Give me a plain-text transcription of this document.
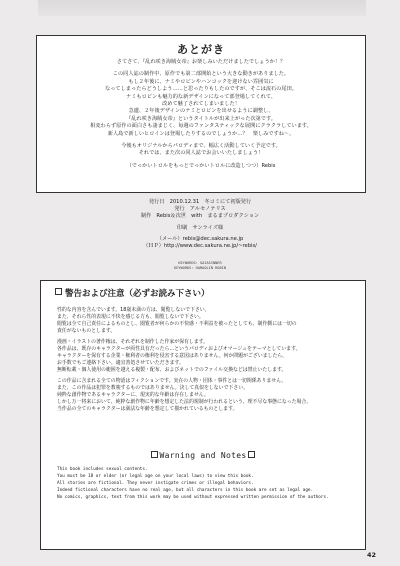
あとがき

さてさて、『乱れ咲き海賊女帝』お楽しみいただけましたでしょうか！？

この同人誌の制作中、原作でも第二部開始という大きな動きがありました。

もし２年後に、ナミやロビンやハンコックを迎けない雰囲気に

なってしまったらどうしよう……と思ったりもしたのですが、そこは流石の尾田。

ナミもロビンも魅力的な新デザインになって部登場してくれて、

改めて魅了されてしまいました！

急遽、２年後デザインのナミとロビンを出せるように調整し、

『乱れ咲き海賊女帝』というタイトルが出来上がった次第です。

相変わらず原作の面白さも凄まじく、毎週のファンタスティックな展開にクラクラしています。

新人島で新しいヒロインは登場したりするのでしょうか…？　楽しみですね～。

今後もオリジナルからパロディまで、幅広く活動していく予定です。

それでは、また次の同人誌でお会いいたしましょう！

（でっかいトロルをもっとでっかいトロルに改造しつつ）Rebis

発行日　2010.12.31　冬コミにて初版発行
発行　アルセノテリス
制作　Rebis＆次世　with　まるまプロダクション
印刷　サンライズ様
（メール）rebis@dec.sakura.ne.jp
（ＨＰ）http://www.dec.sakura.ne.jp/~rebis/
KEYWORDS: GAIASINNER
KEYWORDS: HAMAOLIN ROBIN
警告および注意（必ずお読み下さい）

性的な内容を含んでいます。18歳未満の方は、閲覧しないで下さい。

また、それら性的表現に不快を感じる方も、閲覧しないで下さい。

閲覧は全て自己責任によるものとし、閲覧者が何らかの不快感・不利益を被ったとしても、制作側には一切の

責任がないものとします。

漫画・イラストの著作権は、それぞれを制作した作家が保有します。

各作品は、既存のキャラクターが両性具有だったら…というパロディおよびオマージュをテーマとしています。

キャラクターを保有する企業・権利者の権利を侵害する意図はありません。何か問題がございましたら、

お手数でもご連絡下さい。適宜善処させていただきます。

無断転載・個人使用の範囲を越える複製・配布、およびネットでのファイル交換などは禁止いたします。

この作品に含まれる全ての物語はフィクションです。実在の人物・団体・事件とは一切関係ありません。

また、この作品は犯罪を教唆するものではありません。決して真似をしないで下さい。

純粋な創作物であるキャラクターに、現実的な年齢は存在しません。

しかし万一将来において、純粋な創作物に年齢を想定した法的規制が行われるという、理不尽な事態になった場合、

当作品の全てのキャラクターは満法な年齢を想定して描かれているものとします。

Warning and Notes

This book includes sexual contents.

You must be 18 or elder (or legal age on your local laws) to view this book.

All stories are fictional. They never instigate crimes or illegal behaviors.

Indeed fictional characters have no real age, but all characters in this book are set as legal age.

No comics, graphics, text from this work may be used without expressed written permission of the authors.

42
